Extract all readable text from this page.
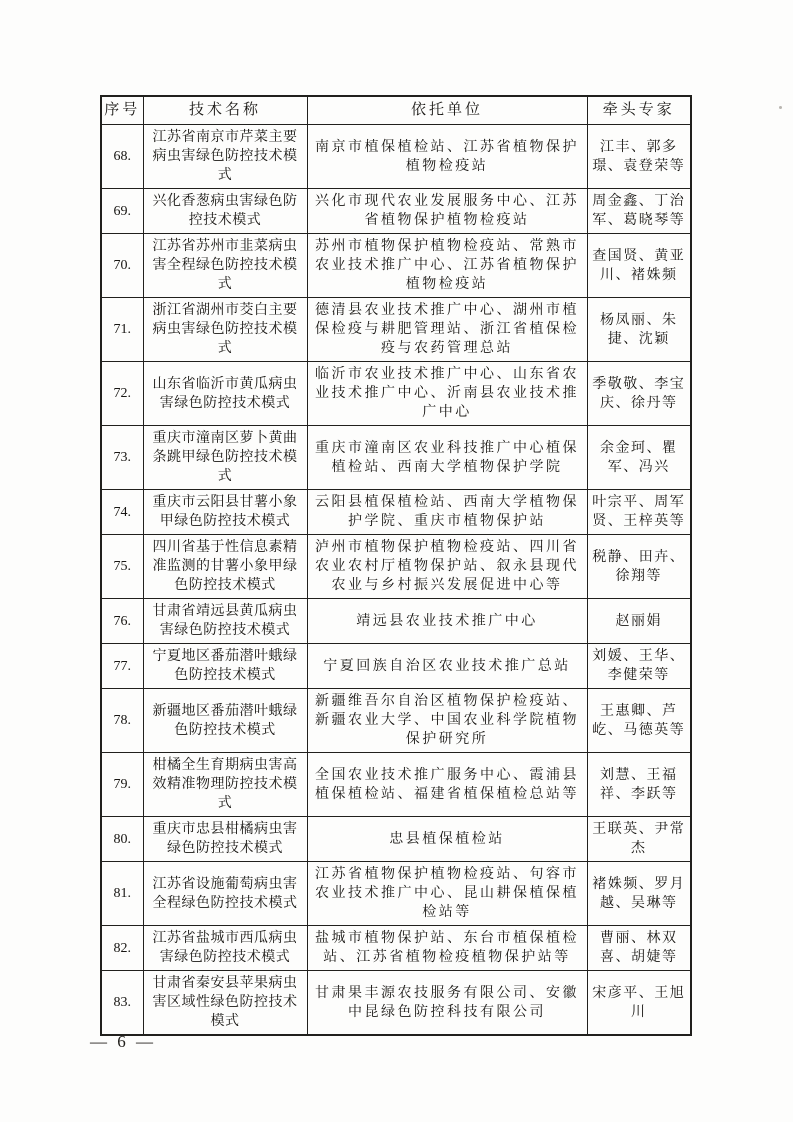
序号	技术名称	依托单位	牵头专家
68.	江苏省南京市芹菜主要病虫害绿色防控技术模式	南京市植保植检站、江苏省植物保护植物检疫站	江丰、郭多璟、袁登荣等
69.	兴化香葱病虫害绿色防控技术模式	兴化市现代农业发展服务中心、江苏省植物保护植物检疫站	周金鑫、丁治军、葛晓琴等
70.	江苏省苏州市韭菜病虫害全程绿色防控技术模式	苏州市植物保护植物检疫站、常熟市农业技术推广中心、江苏省植物保护植物检疫站	查国贤、黄亚川、褚姝频
71.	浙江省湖州市茭白主要病虫害绿色防控技术模式	德清县农业技术推广中心、湖州市植保检疫与耕肥管理站、浙江省植保检疫与农药管理总站	杨凤丽、朱捷、沈颖
72.	山东省临沂市黄瓜病虫害绿色防控技术模式	临沂市农业技术推广中心、山东省农业技术推广中心、沂南县农业技术推广中心	季敬敬、李宝庆、徐丹等
73.	重庆市潼南区萝卜黄曲条跳甲绿色防控技术模式	重庆市潼南区农业科技推广中心植保植检站、西南大学植物保护学院	余金珂、瞿军、冯兴
74.	重庆市云阳县甘薯小象甲绿色防控技术模式	云阳县植保植检站、西南大学植物保护学院、重庆市植物保护站	叶宗平、周军贤、王梓英等
75.	四川省基于性信息素精准监测的甘薯小象甲绿色防控技术模式	泸州市植物保护植物检疫站、四川省农业农村厅植物保护站、叙永县现代农业与乡村振兴发展促进中心等	税静、田卉、徐翔等
76.	甘肃省靖远县黄瓜病虫害绿色防控技术模式	靖远县农业技术推广中心	赵丽娟
77.	宁夏地区番茄潜叶蛾绿色防控技术模式	宁夏回族自治区农业技术推广总站	刘媛、王华、李健荣等
78.	新疆地区番茄潜叶蛾绿色防控技术模式	新疆维吾尔自治区植物保护检疫站、新疆农业大学、中国农业科学院植物保护研究所	王惠卿、芦屹、马德英等
79.	柑橘全生育期病虫害高效精准物理防控技术模式	全国农业技术推广服务中心、霞浦县植保植检站、福建省植保植检总站等	刘慧、王福祥、李跃等
80.	重庆市忠县柑橘病虫害绿色防控技术模式	忠县植保植检站	王联英、尹常杰
81.	江苏省设施葡萄病虫害全程绿色防控技术模式	江苏省植物保护植物检疫站、句容市农业技术推广中心、昆山耕保植保植检站等	褚姝频、罗月越、吴琳等
82.	江苏省盐城市西瓜病虫害绿色防控技术模式	盐城市植物保护站、东台市植保植检站、江苏省植物检疫植物保护站等	曹丽、林双喜、胡婕等
83.	甘肃省秦安县苹果病虫害区域性绿色防控技术模式	甘肃果丰源农技服务有限公司、安徽中昆绿色防控科技有限公司	宋彦平、王旭川
— 6 —
